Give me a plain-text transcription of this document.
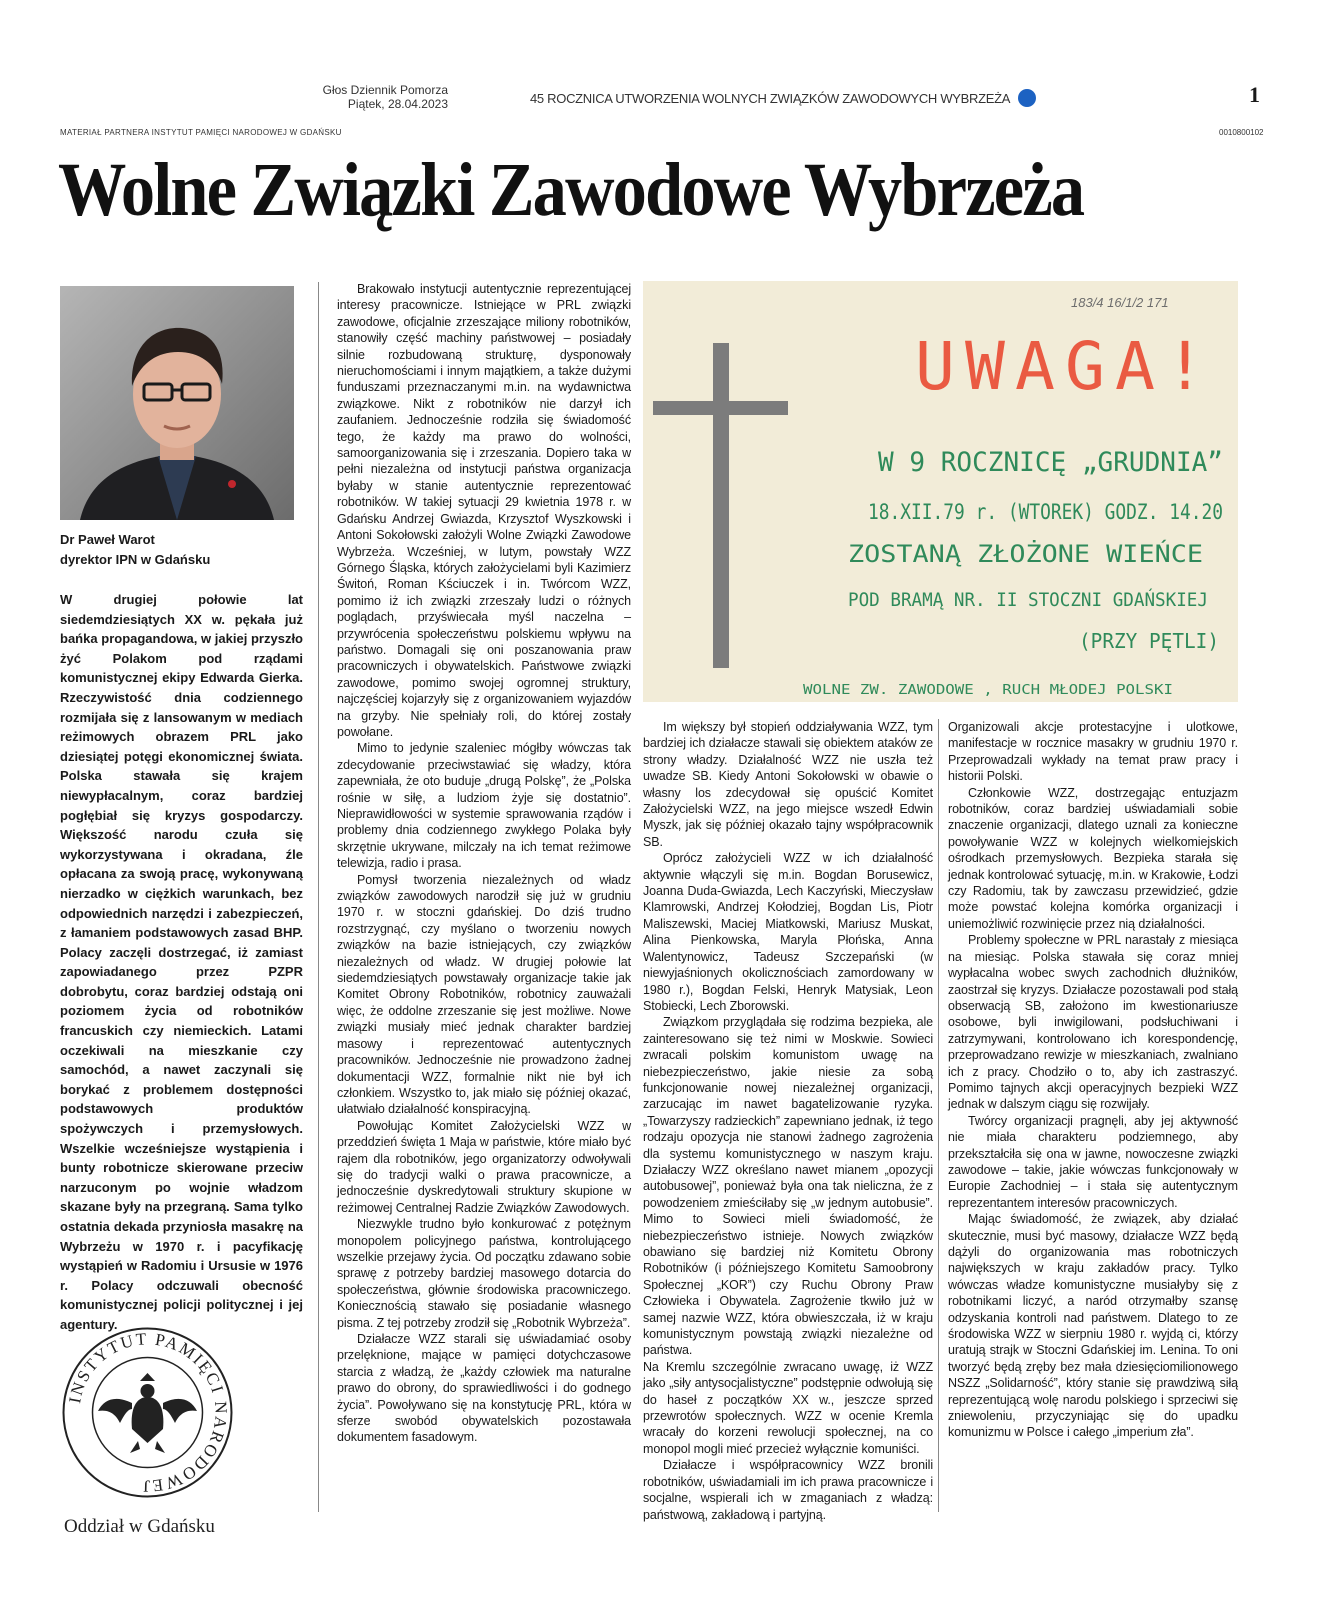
Głos Dziennik Pomorza
Piątek, 28.04.2023	45 ROCZNICA UTWORZENIA WOLNYCH ZWIĄZKÓW ZAWODOWYCH WYBRZEŻA	1
MATERIAŁ PARTNERA INSTYTUT PAMIĘCI NARODOWEJ W GDAŃSKU	0010800102
Wolne Związki Zawodowe Wybrzeża
Dr Paweł Warot
dyrektor IPN w Gdańsku
W drugiej połowie lat siedemdziesiątych XX w. pękała już bańka propagandowa, w jakiej przyszło żyć Polakom pod rządami komunistycznej ekipy Edwarda Gierka. Rzeczywistość dnia codziennego rozmijała się z lansowanym w mediach reżimowych obrazem PRL jako dziesiątej potęgi ekonomicznej świata. Polska stawała się krajem niewypłacalnym, coraz bardziej pogłębiał się kryzys gospodarczy. Większość narodu czuła się wykorzystywana i okradana, źle opłacana za swoją pracę, wykonywaną nierzadko w ciężkich warunkach, bez odpowiednich narzędzi i zabezpieczeń, z łamaniem podstawowych zasad BHP. Polacy zaczęli dostrzegać, iż zamiast zapowiadanego przez PZPR dobrobytu, coraz bardziej odstają oni poziomem życia od robotników francuskich czy niemieckich. Latami oczekiwali na mieszkanie czy samochód, a nawet zaczynali się borykać z problemem dostępności podstawowych produktów spożywczych i przemysłowych. Wszelkie wcześniejsze wystąpienia i bunty robotnicze skierowane przeciw narzuconym po wojnie władzom skazane były na przegraną. Sama tylko ostatnia dekada przyniosła masakrę na Wybrzeżu w 1970 r. i pacyfikację wystąpień w Radomiu i Ursusie w 1976 r. Polacy odczuwali obecność komunistycznej policji politycznej i jej agentury.
INSTYTUT PAMIĘCI NARODOWEJ
Oddział w Gdańsku

Brakowało instytucji autentycznie reprezentującej interesy pracownicze. Istniejące w PRL związki zawodowe, oficjalnie zrzeszające miliony robotników, stanowiły część machiny państwowej – posiadały silnie rozbudowaną strukturę, dysponowały nieruchomościami i innym majątkiem, a także dużymi funduszami przeznaczanymi m.in. na wydawnictwa związkowe. Nikt z robotników nie darzył ich zaufaniem. Jednocześnie rodziła się świadomość tego, że każdy ma prawo do wolności, samoorganizowania się i zrzeszania. Dopiero taka w pełni niezależna od instytucji państwa organizacja byłaby w stanie autentycznie reprezentować robotników. W takiej sytuacji 29 kwietnia 1978 r. w Gdańsku Andrzej Gwiazda, Krzysztof Wyszkowski i Antoni Sokołowski założyli Wolne Związki Zawodowe Wybrzeża. Wcześniej, w lutym, powstały WZZ Górnego Śląska, których założycielami byli Kazimierz Świtoń, Roman Kściuczek i in. Twórcom WZZ, pomimo iż ich związki zrzeszały ludzi o różnych poglądach, przyświecała myśl naczelna – przywrócenia społeczeństwu polskiemu wpływu na państwo. Domagali się oni poszanowania praw pracowniczych i obywatelskich. Państwowe związki zawodowe, pomimo swojej ogromnej struktury, najczęściej kojarzyły się z organizowaniem wyjazdów na grzyby. Nie spełniały roli, do której zostały powołane.

Mimo to jedynie szaleniec mógłby wówczas tak zdecydowanie przeciwstawiać się władzy, która zapewniała, że oto buduje „drugą Polskę”, że „Polska rośnie w siłę, a ludziom żyje się dostatnio”. Nieprawidłowości w systemie sprawowania rządów i problemy dnia codziennego zwykłego Polaka były skrzętnie ukrywane, milczały na ich temat reżimowe telewizja, radio i prasa.

Pomysł tworzenia niezależnych od władz związków zawodowych narodził się już w grudniu 1970 r. w stoczni gdańskiej. Do dziś trudno rozstrzygnąć, czy myślano o tworzeniu nowych związków na bazie istniejących, czy związków niezależnych od władz. W drugiej połowie lat siedemdziesiątych powstawały organizacje takie jak Komitet Obrony Robotników, robotnicy zauważali więc, że oddolne zrzeszanie się jest możliwe. Nowe związki musiały mieć jednak charakter bardziej masowy i reprezentować autentycznych pracowników. Jednocześnie nie prowadzono żadnej dokumentacji WZZ, formalnie nikt nie był ich członkiem. Wszystko to, jak miało się później okazać, ułatwiało działalność konspiracyjną.

Powołując Komitet Założycielski WZZ w przeddzień święta 1 Maja w państwie, które miało być rajem dla robotników, jego organizatorzy odwoływali się do tradycji walki o prawa pracownicze, a jednocześnie dyskredytowali struktury skupione w reżimowej Centralnej Radzie Związków Zawodowych.

Niezwykle trudno było konkurować z potężnym monopolem policyjnego państwa, kontrolującego wszelkie przejawy życia. Od początku zdawano sobie sprawę z potrzeby bardziej masowego dotarcia do społeczeństwa, głównie środowiska pracowniczego. Koniecznością stawało się posiadanie własnego pisma. Z tej potrzeby zrodził się „Robotnik Wybrzeża”.

Działacze WZZ starali się uświadamiać osoby przelęknione, mające w pamięci dotychczasowe starcia z władzą, że „każdy człowiek ma naturalne prawo do obrony, do sprawiedliwości i do godnego życia”. Powoływano się na konstytucję PRL, która w sferze swobód obywatelskich pozostawała dokumentem fasadowym.

183/4 16/1/2 171
UWAGA!
W 9 ROCZNICĘ „GRUDNIA”
18.XII.79 r. (WTOREK) GODZ. 14.20
ZOSTANĄ ZŁOŻONE WIEŃCE
POD BRAMĄ NR. II STOCZNI GDAŃSKIEJ
(PRZY PĘTLI)
WOLNE ZW. ZAWODOWE , RUCH MŁODEJ POLSKI

Im większy był stopień oddziaływania WZZ, tym bardziej ich działacze stawali się obiektem ataków ze strony władzy. Działalność WZZ nie uszła też uwadze SB. Kiedy Antoni Sokołowski w obawie o własny los zdecydował się opuścić Komitet Założycielski WZZ, na jego miejsce wszedł Edwin Myszk, jak się później okazało tajny współpracownik SB.

Oprócz założycieli WZZ w ich działalność aktywnie włączyli się m.in. Bogdan Borusewicz, Joanna Duda-Gwiazda, Lech Kaczyński, Mieczysław Klamrowski, Andrzej Kołodziej, Bogdan Lis, Piotr Maliszewski, Maciej Miatkowski, Mariusz Muskat, Alina Pienkowska, Maryla Płońska, Anna Walentynowicz, Tadeusz Szczepański (w niewyjaśnionych okolicznościach zamordowany w 1980 r.), Bogdan Felski, Henryk Matysiak, Leon Stobiecki, Lech Zborowski.

Związkom przyglądała się rodzima bezpieka, ale zainteresowano się też nimi w Moskwie. Sowieci zwracali polskim komunistom uwagę na niebezpieczeństwo, jakie niesie za sobą funkcjonowanie nowej niezależnej organizacji, zarzucając im nawet bagatelizowanie ryzyka. „Towarzyszy radzieckich” zapewniano jednak, iż tego rodzaju opozycja nie stanowi żadnego zagrożenia dla systemu komunistycznego w naszym kraju. Działaczy WZZ określano nawet mianem „opozycji autobusowej”, ponieważ była ona tak nieliczna, że z powodzeniem zmieściłaby się „w jednym autobusie”. Mimo to Sowieci mieli świadomość, że niebezpieczeństwo istnieje. Nowych związków obawiano się bardziej niż Komitetu Obrony Robotników (i późniejszego Komitetu Samoobrony Społecznej „KOR”) czy Ruchu Obrony Praw Człowieka i Obywatela. Zagrożenie tkwiło już w samej nazwie WZZ, która obwieszczała, iż w kraju komunistycznym powstają związki niezależne od państwa.

Na Kremlu szczególnie zwracano uwagę, iż WZZ jako „siły antysocjalistyczne” podstępnie odwołują się do haseł z początków XX w., jeszcze sprzed przewrotów społecznych. WZZ w ocenie Kremla wracały do korzeni rewolucji społecznej, na co monopol mogli mieć przecież wyłącznie komuniści.

Działacze i współpracownicy WZZ bronili robotników, uświadamiali im ich prawa pracownicze i socjalne, wspierali ich w zmaganiach z władzą: państwową, zakładową i partyjną.

Organizowali akcje protestacyjne i ulotkowe, manifestacje w rocznice masakry w grudniu 1970 r. Przeprowadzali wykłady na temat praw pracy i historii Polski.

Członkowie WZZ, dostrzegając entuzjazm robotników, coraz bardziej uświadamiali sobie znaczenie organizacji, dlatego uznali za konieczne powoływanie WZZ w kolejnych wielkomiejskich ośrodkach przemysłowych. Bezpieka starała się jednak kontrolować sytuację, m.in. w Krakowie, Łodzi czy Radomiu, tak by zawczasu przewidzieć, gdzie może powstać kolejna komórka organizacji i uniemożliwić rozwinięcie przez nią działalności.

Problemy społeczne w PRL narastały z miesiąca na miesiąc. Polska stawała się coraz mniej wypłacalna wobec swych zachodnich dłużników, zaostrzał się kryzys. Działacze pozostawali pod stałą obserwacją SB, założono im kwestionariusze osobowe, byli inwigilowani, podsłuchiwani i zatrzymywani, kontrolowano ich korespondencję, przeprowadzano rewizje w mieszkaniach, zwalniano ich z pracy. Chodziło o to, aby ich zastraszyć. Pomimo tajnych akcji operacyjnych bezpieki WZZ jednak w dalszym ciągu się rozwijały.

Twórcy organizacji pragnęli, aby jej aktywność nie miała charakteru podziemnego, aby przekształciła się ona w jawne, nowoczesne związki zawodowe – takie, jakie wówczas funkcjonowały w Europie Zachodniej – i stała się autentycznym reprezentantem interesów pracowniczych.

Mając świadomość, że związek, aby działać skutecznie, musi być masowy, działacze WZZ będą dążyli do organizowania mas robotniczych największych w kraju zakładów pracy. Tylko wówczas władze komunistyczne musiałyby się z robotnikami liczyć, a naród otrzymałby szansę odzyskania kontroli nad państwem. Dlatego to ze środowiska WZZ w sierpniu 1980 r. wyjdą ci, którzy uratują strajk w Stoczni Gdańskiej im. Lenina. To oni tworzyć będą zręby bez mała dziesięciomilionowego NSZZ „Solidarność”, który stanie się prawdziwą siłą reprezentującą wolę narodu polskiego i sprzeciwi się zniewoleniu, przyczyniając się do upadku komunizmu w Polsce i całego „imperium zła”.
